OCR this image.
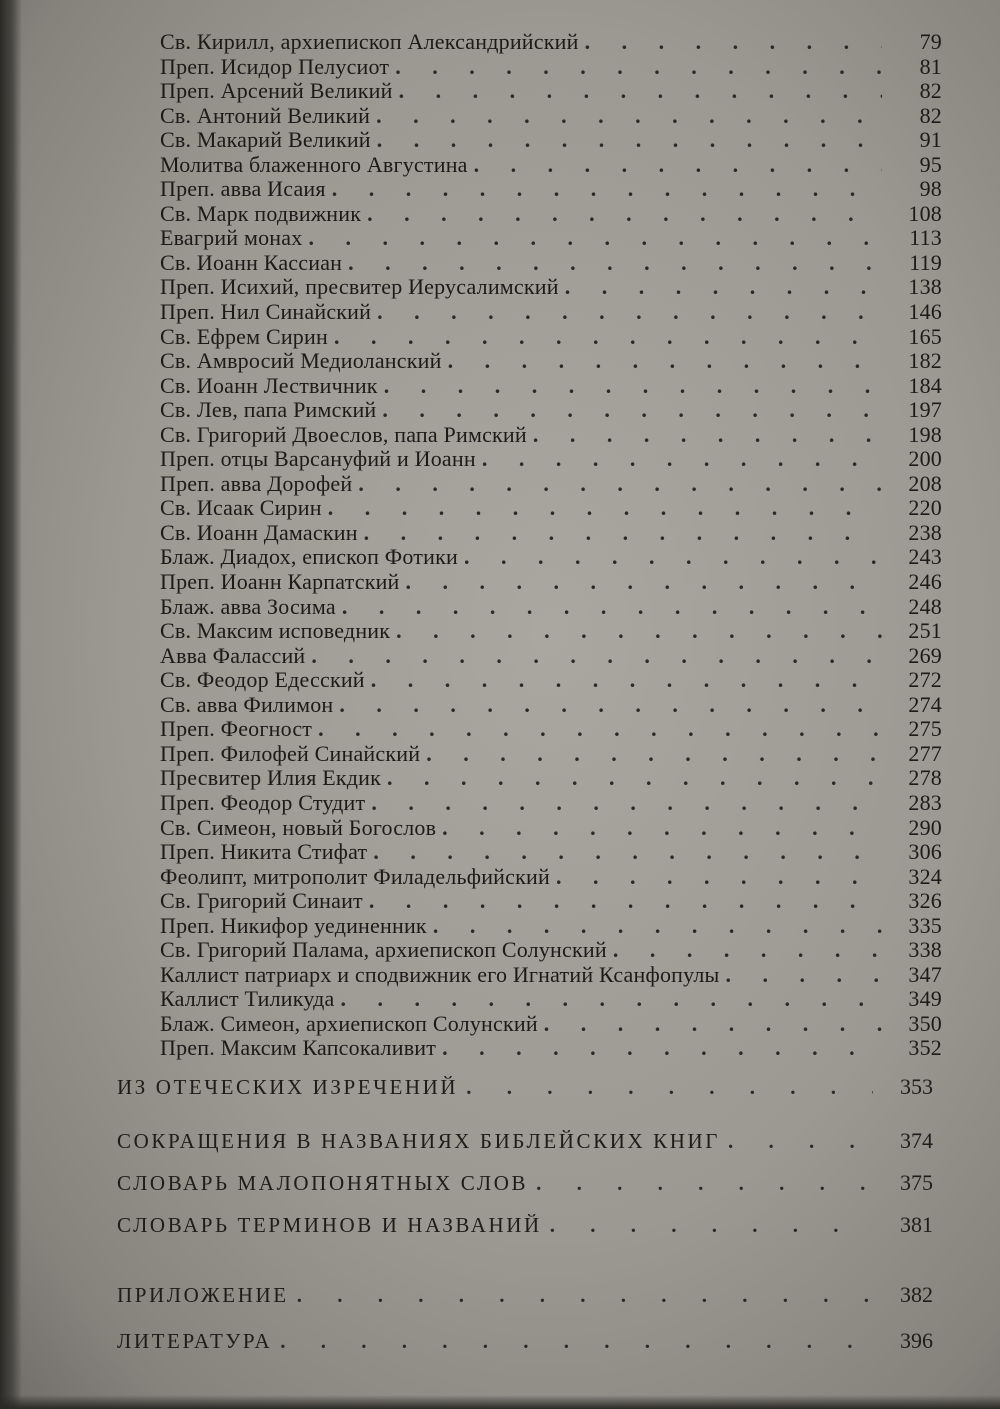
Св. Кирилл, архиепископ Александрийский . . .	79
Преп. Исидор Пелусиот . . .	81
Преп. Арсений Великий . . .	82
Св. Антоний Великий . . .	82
Св. Макарий Великий . . .	91
Молитва блаженного Августина . . .	95
Преп. авва Исаия . . .	98
Св. Марк подвижник . . .	108
Евагрий монах . . .	113
Св. Иоанн Кассиан . . .	119
Преп. Исихий, пресвитер Иерусалимский . . .	138
Преп. Нил Синайский . . .	146
Св. Ефрем Сирин . . .	165
Св. Амвросий Медиоланский . . .	182
Св. Иоанн Лествичник . . .	184
Св. Лев, папа Римский . . .	197
Св. Григорий Двоеслов, папа Римский . . .	198
Преп. отцы Варсануфий и Иоанн . . .	200
Преп. авва Дорофей . . .	208
Св. Исаак Сирин . . .	220
Св. Иоанн Дамаскин . . .	238
Блаж. Диадох, епископ Фотики . . .	243
Преп. Иоанн Карпатский . . .	246
Блаж. авва Зосима . . .	248
Св. Максим исповедник . . .	251
Авва Фалассий . . .	269
Св. Феодор Едесский . . .	272
Св. авва Филимон . . .	274
Преп. Феогност . . .	275
Преп. Филофей Синайский . . .	277
Пресвитер Илия Екдик . . .	278
Преп. Феодор Студит . . .	283
Св. Симеон, новый Богослов . . .	290
Преп. Никита Стифат . . .	306
Феолипт, митрополит Филадельфийский . . .	324
Св. Григорий Синаит . . .	326
Преп. Никифор уединенник . . .	335
Св. Григорий Палама, архиепископ Солунский . . .	338
Каллист патриарх и сподвижник его Игнатий Ксанфопулы . . .	347
Каллист Тиликуда . . .	349
Блаж. Симеон, архиепископ Солунский . . .	350
Преп. Максим Капсокаливит . . .	352
ИЗ ОТЕЧЕСКИХ ИЗРЕЧЕНИЙ . . .	353
СОКРАЩЕНИЯ В НАЗВАНИЯХ БИБЛЕЙСКИХ КНИГ . . .	374
СЛОВАРЬ МАЛОПОНЯТНЫХ СЛОВ . . .	375
СЛОВАРЬ ТЕРМИНОВ И НАЗВАНИЙ . . .	381
ПРИЛОЖЕНИЕ . . .	382
ЛИТЕРАТУРА . . .	396
